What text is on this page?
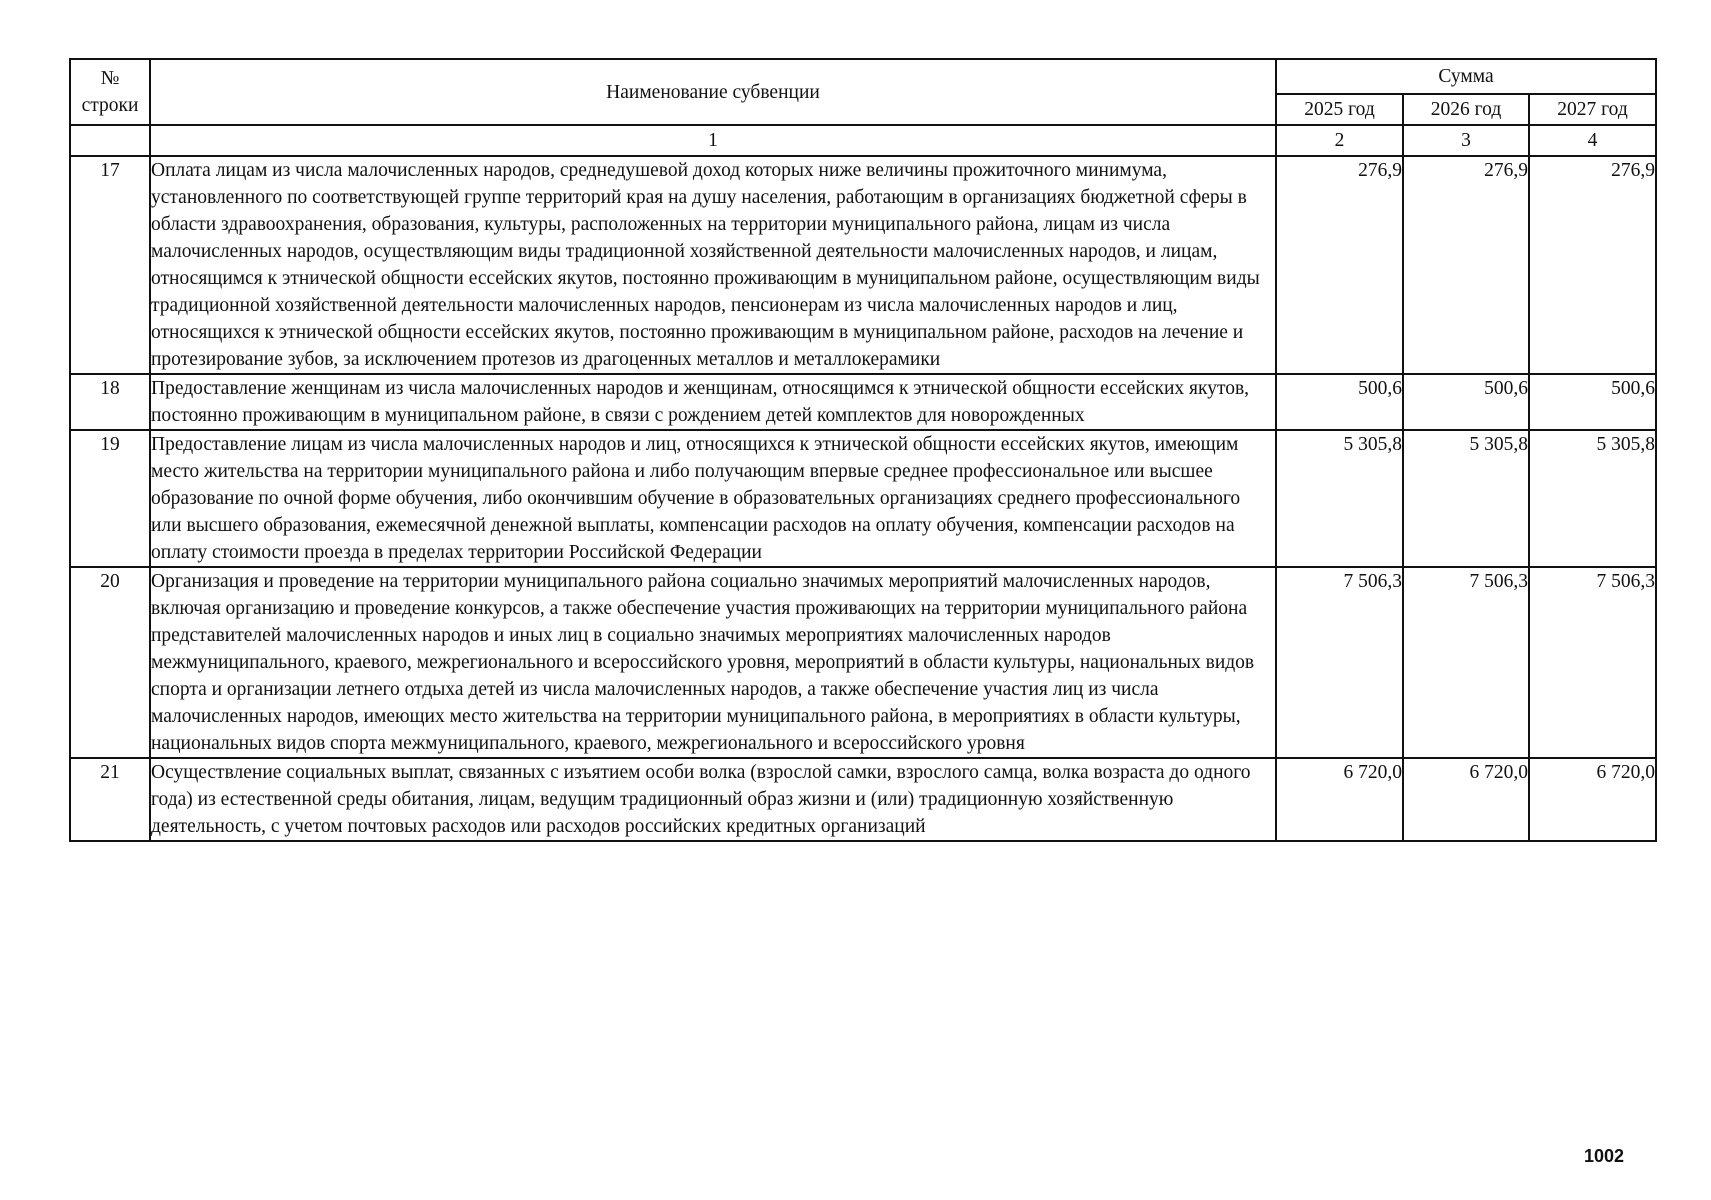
№ строки	Наименование субвенции	Сумма		
		2025 год	2026 год	2027 год
	1	2	3	4
17	Оплата лицам из числа малочисленных народов, среднедушевой доход которых ниже величины прожиточного минимума, установленного по соответствующей группе территорий края на душу населения, работающим в организациях бюджетной сферы в области здравоохранения, образования, культуры, расположенных на территории муниципального района, лицам из числа малочисленных народов, осуществляющим виды традиционной хозяйственной деятельности малочисленных народов, и лицам, относящимся к этнической общности ессейских якутов, постоянно проживающим в муниципальном районе, осуществляющим виды традиционной хозяйственной деятельности малочисленных народов, пенсионерам из числа малочисленных народов и лиц, относящихся к этнической общности ессейских якутов, постоянно проживающим в муниципальном районе, расходов на лечение и протезирование зубов, за исключением протезов из драгоценных металлов и металлокерамики	276,9	276,9	276,9
18	Предоставление женщинам из числа малочисленных народов и женщинам, относящимся к этнической общности ессейских якутов, постоянно проживающим в муниципальном районе, в связи с рождением детей комплектов для новорожденных	500,6	500,6	500,6
19	Предоставление лицам из числа малочисленных народов и лиц, относящихся к этнической общности ессейских якутов, имеющим место жительства на территории муниципального района и либо получающим впервые среднее профессиональное или высшее образование по очной форме обучения, либо окончившим обучение в образовательных организациях среднего профессионального или высшего образования, ежемесячной денежной выплаты, компенсации расходов на оплату обучения, компенсации расходов на оплату стоимости проезда в пределах территории Российской Федерации	5 305,8	5 305,8	5 305,8
20	Организация и проведение на территории муниципального района социально значимых мероприятий малочисленных народов, включая организацию и проведение конкурсов, а также обеспечение участия проживающих на территории муниципального района представителей малочисленных народов и иных лиц в социально значимых мероприятиях малочисленных народов межмуниципального, краевого, межрегионального и всероссийского уровня, мероприятий в области культуры, национальных видов спорта и организации летнего отдыха детей из числа малочисленных народов, а также обеспечение участия лиц из числа малочисленных народов, имеющих место жительства на территории муниципального района, в мероприятиях в области культуры, национальных видов спорта межмуниципального, краевого, межрегионального и всероссийского уровня	7 506,3	7 506,3	7 506,3
21	Осуществление социальных выплат, связанных с изъятием особи волка (взрослой самки, взрослого самца, волка возраста до одного года) из естественной среды обитания, лицам, ведущим традиционный образ жизни и (или) традиционную хозяйственную деятельность, с учетом почтовых расходов или расходов российских кредитных организаций	6 720,0	6 720,0	6 720,0
1002
